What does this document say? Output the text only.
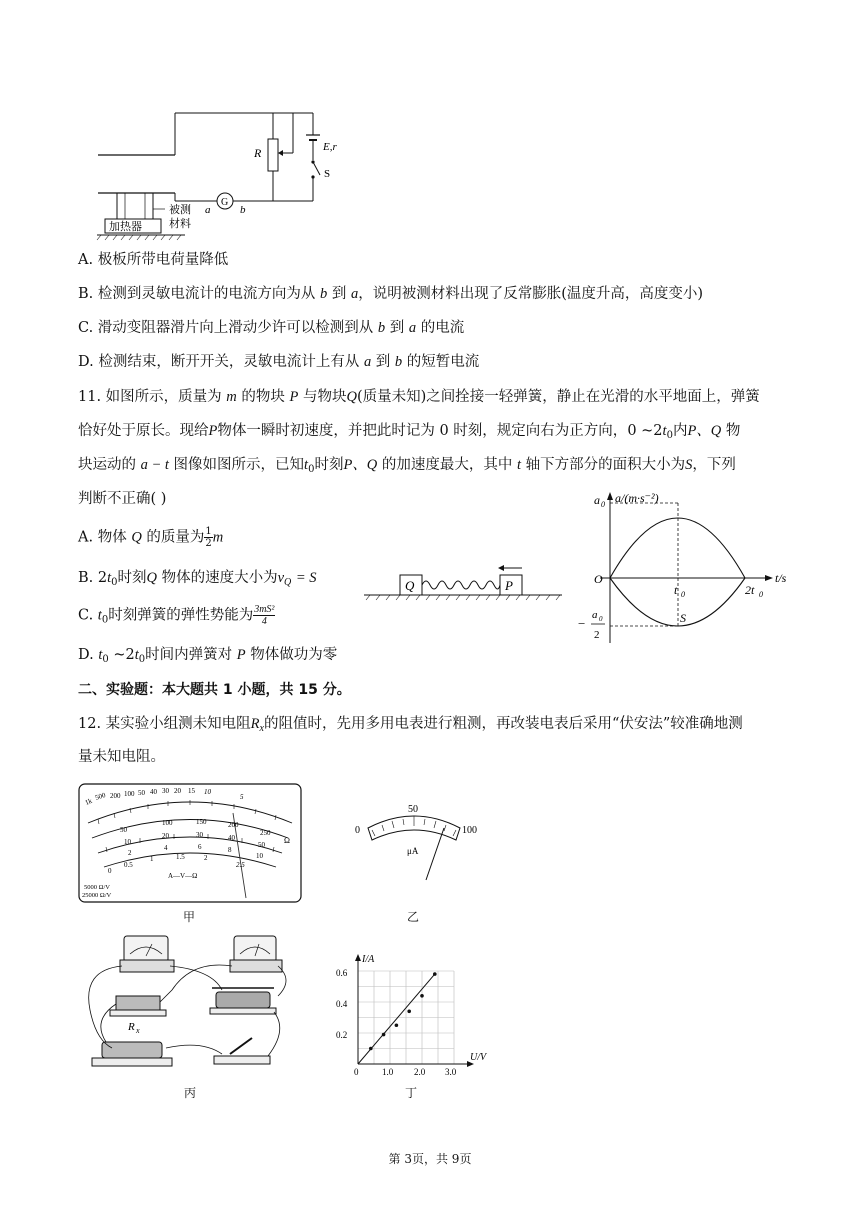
R	E,r
S
G
a	b
被测
材料
加热器
A. 极板所带电荷量降低
B. 检测到灵敏电流计的电流方向为从 b 到 a，说明被测材料出现了反常膨胀(温度升高，高度变小)
C. 滑动变阻器滑片向上滑动少许可以检测到从 b 到 a 的电流
D. 检测结束，断开开关，灵敏电流计上有从 a 到 b 的短暂电流
11. 如图所示，质量为 m 的物块 P 与物块Q(质量未知)之间拴接一轻弹簧，静止在光滑的水平地面上，弹簧
恰好处于原长。现给P物体一瞬时初速度，并把此时记为 0 时刻，规定向右为正方向，0 $\sim 2t_0$内P、Q 物
块运动的 a − t 图像如图所示，已知$t_0$时刻P、Q 的加速度最大，其中 t 轴下方部分的面积大小为S，下列
判断不正确( )
A. 物体 Q 的质量为 $\frac{1}{2}$ m
B. $2t_0$时刻Q 物体的速度大小为$v_Q = S$
C. $t_0$时刻弹簧的弹性势能为 $\frac{\text{3mS²}}{4}$
D. $t_0$ $\sim 2t_0$时间内弹簧对 P 物体做功为零
Q	P
a/(m·s⁻²)
a 0
O
t 0	2t 0
t/s
S
−
a 0
2
二、实验题：本大题共 1 小题，共 15 分。
12. 某实验小组测未知电阻$R_x$的阻值时，先用多用电表进行粗测，再改装电表后采用“伏安法”较准确地测
量未知电阻。
1k
500 200 100 50 40 30 20 15 10
5
Ω
50
100	150	200
250
10
20	30	40
50
2
4	6	8
10
0
0.5
1	1.5	2
2.5
A—V—Ω
5000 Ω/V
25000 Ω/V
甲
0
50
100
μA
乙
R x
丙
I/A
U/V
0.2
0.4
0.6
0	1.0 2.0 3.0
丁
第 3页，共 9页
